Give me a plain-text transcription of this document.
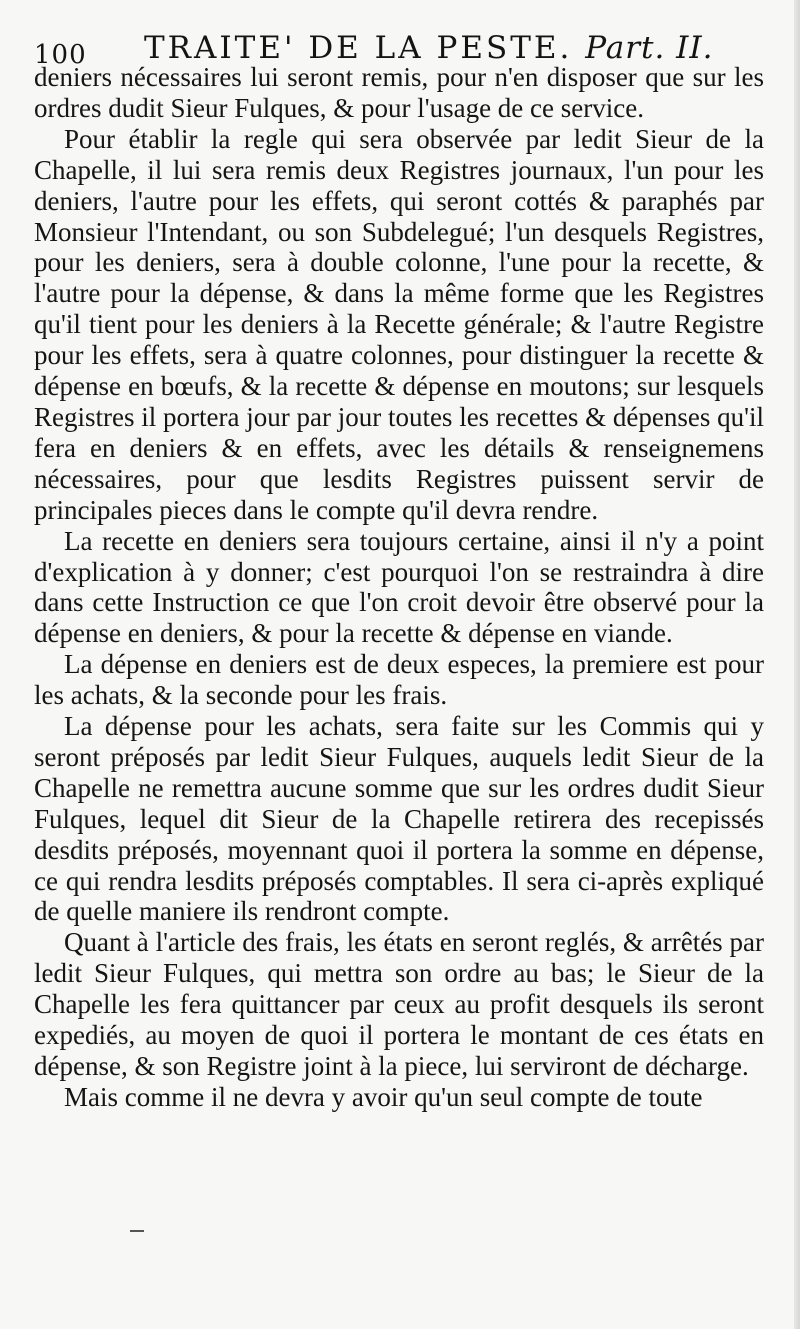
100 TRAITE' DE LA PESTE. Part. II.

deniers nécessaires lui seront remis, pour n'en disposer que sur les ordres dudit Sieur Fulques, & pour l'usage de ce service.

Pour établir la regle qui sera observée par ledit Sieur de la Chapelle, il lui sera remis deux Registres journaux, l'un pour les deniers, l'autre pour les effets, qui seront cottés & paraphés par Monsieur l'Intendant, ou son Subdelegué; l'un desquels Registres, pour les deniers, sera à double colonne, l'une pour la recette, & l'autre pour la dépense, & dans la même forme que les Registres qu'il tient pour les deniers à la Recette générale; & l'autre Registre pour les effets, sera à quatre colonnes, pour distinguer la recette & dépense en bœufs, & la recette & dépense en moutons; sur lesquels Registres il portera jour par jour toutes les recettes & dépenses qu'il fera en deniers & en effets, avec les détails & renseignemens nécessaires, pour que lesdits Registres puissent servir de principales pieces dans le compte qu'il devra rendre.

La recette en deniers sera toujours certaine, ainsi il n'y a point d'explication à y donner; c'est pourquoi l'on se restraindra à dire dans cette Instruction ce que l'on croit devoir être observé pour la dépense en deniers, & pour la recette & dépense en viande.

La dépense en deniers est de deux especes, la premiere est pour les achats, & la seconde pour les frais.

La dépense pour les achats, sera faite sur les Commis qui y seront préposés par ledit Sieur Fulques, auquels ledit Sieur de la Chapelle ne remettra aucune somme que sur les ordres dudit Sieur Fulques, lequel dit Sieur de la Chapelle retirera des recepissés desdits préposés, moyennant quoi il portera la somme en dépense, ce qui rendra lesdits préposés comptables. Il sera ci-après expliqué de quelle maniere ils rendront compte.

Quant à l'article des frais, les états en seront reglés, & arrêtés par ledit Sieur Fulques, qui mettra son ordre au bas; le Sieur de la Chapelle les fera quittancer par ceux au profit desquels ils seront expediés, au moyen de quoi il portera le montant de ces états en dépense, & son Registre joint à la piece, lui serviront de décharge.

Mais comme il ne devra y avoir qu'un seul compte de toute
